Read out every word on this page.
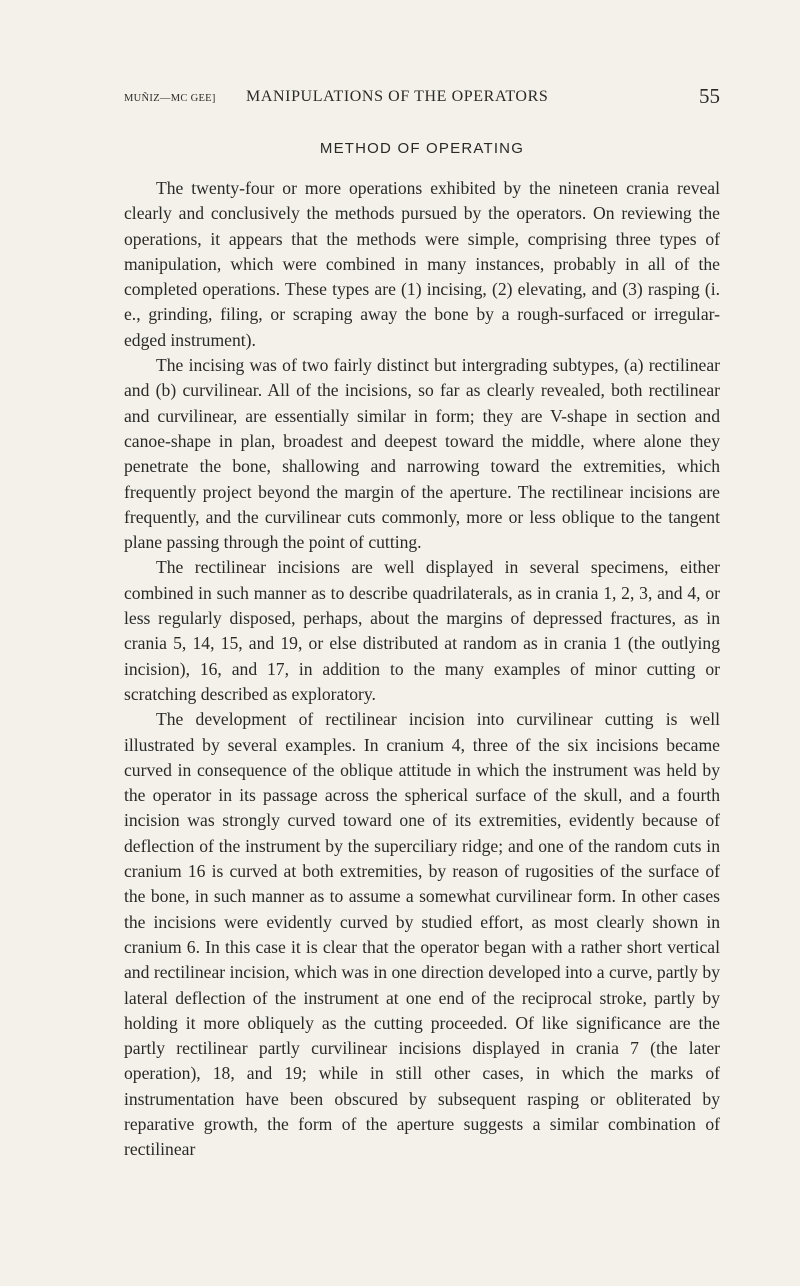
MUÑIZ—MC GEE] MANIPULATIONS OF THE OPERATORS	55
METHOD OF OPERATING

The twenty-four or more operations exhibited by the nineteen crania reveal clearly and conclusively the methods pursued by the operators. On reviewing the operations, it appears that the methods were simple, comprising three types of manipulation, which were combined in many instances, probably in all of the completed operations. These types are (1) incising, (2) elevating, and (3) rasping (i. e., grinding, filing, or scraping away the bone by a rough-surfaced or irregular-edged instrument).

The incising was of two fairly distinct but intergrading subtypes, (a) rectilinear and (b) curvilinear. All of the incisions, so far as clearly revealed, both rectilinear and curvilinear, are essentially similar in form; they are V-shape in section and canoe-shape in plan, broadest and deepest toward the middle, where alone they penetrate the bone, shallowing and narrowing toward the extremities, which frequently project beyond the margin of the aperture. The rectilinear incisions are frequently, and the curvilinear cuts commonly, more or less oblique to the tangent plane passing through the point of cutting.

The rectilinear incisions are well displayed in several specimens, either combined in such manner as to describe quadrilaterals, as in crania 1, 2, 3, and 4, or less regularly disposed, perhaps, about the margins of depressed fractures, as in crania 5, 14, 15, and 19, or else distributed at random as in crania 1 (the outlying incision), 16, and 17, in addition to the many examples of minor cutting or scratching described as exploratory.

The development of rectilinear incision into curvilinear cutting is well illustrated by several examples. In cranium 4, three of the six incisions became curved in consequence of the oblique attitude in which the instrument was held by the operator in its passage across the spherical surface of the skull, and a fourth incision was strongly curved toward one of its extremities, evidently because of deflection of the instrument by the superciliary ridge; and one of the random cuts in cranium 16 is curved at both extremities, by reason of rugosities of the surface of the bone, in such manner as to assume a somewhat curvilinear form. In other cases the incisions were evidently curved by studied effort, as most clearly shown in cranium 6. In this case it is clear that the operator began with a rather short vertical and rectilinear incision, which was in one direction developed into a curve, partly by lateral deflection of the instrument at one end of the reciprocal stroke, partly by holding it more obliquely as the cutting proceeded. Of like significance are the partly rectilinear partly curvilinear incisions displayed in crania 7 (the later operation), 18, and 19; while in still other cases, in which the marks of instrumentation have been obscured by subsequent rasping or obliterated by reparative growth, the form of the aperture suggests a similar combination of rectilinear
